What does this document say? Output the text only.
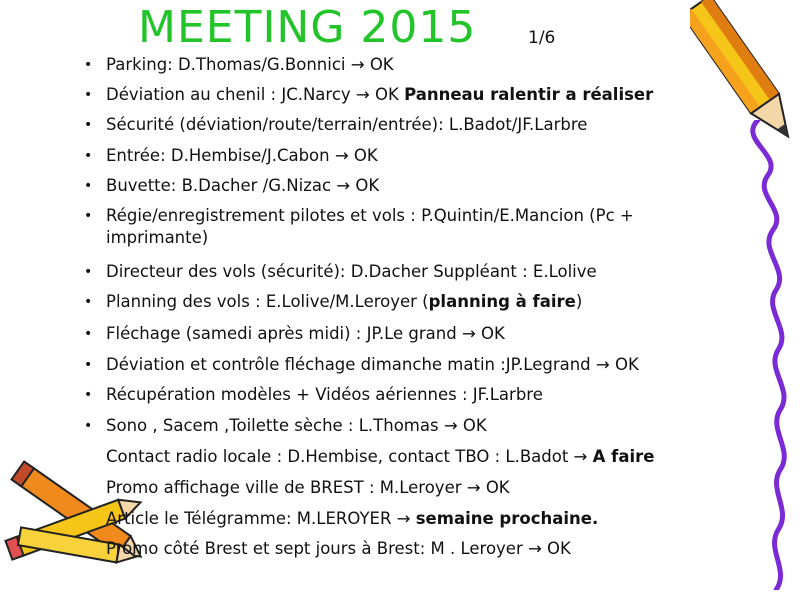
MEETING 2015	1/6
• Parking: D.Thomas/G.Bonnici → OK
• Déviation au chenil : JC.Narcy → OK Panneau ralentir a réaliser
• Sécurité (déviation/route/terrain/entrée): L.Badot/JF.Larbre
• Entrée: D.Hembise/J.Cabon → OK
• Buvette: B.Dacher /G.Nizac → OK
• Régie/enregistrement pilotes et vols : P.Quintin/E.Mancion (Pc + imprimante)
• Directeur des vols (sécurité): D.Dacher Suppléant : E.Lolive
• Planning des vols : E.Lolive/M.Leroyer (planning à faire)
• Fléchage (samedi après midi) : JP.Le grand → OK
• Déviation et contrôle fléchage dimanche matin :JP.Legrand → OK
• Récupération modèles + Vidéos aériennes : JF.Larbre
• Sono , Sacem ,Toilette sèche : L.Thomas → OK
Contact radio locale : D.Hembise, contact TBO : L.Badot → A faire
Promo affichage ville de BREST : M.Leroyer → OK
Article le Télégramme: M.LEROYER → semaine prochaine.
Promo côté Brest et sept jours à Brest: M . Leroyer → OK
